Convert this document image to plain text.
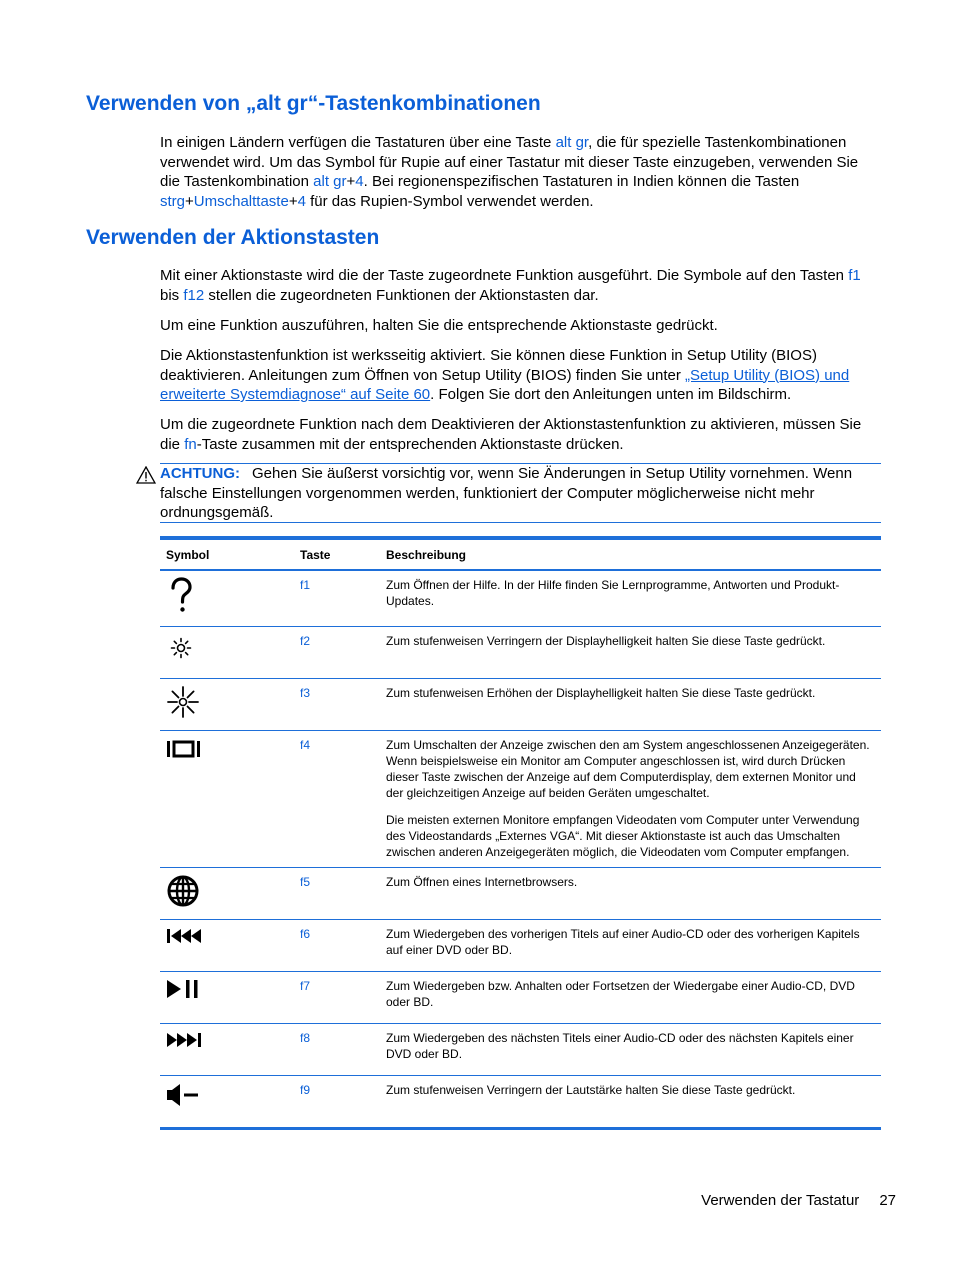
Verwenden von „alt gr“-Tastenkombinationen

In einigen Ländern verfügen die Tastaturen über eine Taste alt gr, die für spezielle Tastenkombinationen verwendet wird. Um das Symbol für Rupie auf einer Tastatur mit dieser Taste einzugeben, verwenden Sie die Tastenkombination alt gr+4. Bei regionenspezifischen Tastaturen in Indien können die Tasten strg+Umschalttaste+4 für das Rupien-Symbol verwendet werden.

Verwenden der Aktionstasten

Mit einer Aktionstaste wird die der Taste zugeordnete Funktion ausgeführt. Die Symbole auf den Tasten f1 bis f12 stellen die zugeordneten Funktionen der Aktionstasten dar.

Um eine Funktion auszuführen, halten Sie die entsprechende Aktionstaste gedrückt.

Die Aktionstastenfunktion ist werksseitig aktiviert. Sie können diese Funktion in Setup Utility (BIOS) deaktivieren. Anleitungen zum Öffnen von Setup Utility (BIOS) finden Sie unter „Setup Utility (BIOS) und erweiterte Systemdiagnose“ auf Seite 60. Folgen Sie dort den Anleitungen unten im Bildschirm.

Um die zugeordnete Funktion nach dem Deaktivieren der Aktionstastenfunktion zu aktivieren, müssen Sie die fn-Taste zusammen mit der entsprechenden Aktionstaste drücken.

ACHTUNG: Gehen Sie äußerst vorsichtig vor, wenn Sie Änderungen in Setup Utility vornehmen. Wenn falsche Einstellungen vorgenommen werden, funktioniert der Computer möglicherweise nicht mehr ordnungsgemäß.
Symbol	Taste	Beschreibung
	f1	Zum Öffnen der Hilfe. In der Hilfe finden Sie Lernprogramme, Antworten und Produkt-Updates.

	f2	Zum stufenweisen Verringern der Displayhelligkeit halten Sie diese Taste gedrückt.

	f3	Zum stufenweisen Erhöhen der Displayhelligkeit halten Sie diese Taste gedrückt.

	f4	Zum Umschalten der Anzeige zwischen den am System angeschlossenen Anzeigegeräten. Wenn beispielsweise ein Monitor am Computer angeschlossen ist, wird durch Drücken dieser Taste zwischen der Anzeige auf dem Computerdisplay, dem externen Monitor und der gleichzeitigen Anzeige auf beiden Geräten umgeschaltet.

Die meisten externen Monitore empfangen Videodaten vom Computer unter Verwendung des Videostandards „Externes VGA“. Mit dieser Aktionstaste ist auch das Umschalten zwischen anderen Anzeigegeräten möglich, die Videodaten vom Computer empfangen.

	f5	Zum Öffnen eines Internetbrowsers.

	f6	Zum Wiedergeben des vorherigen Titels auf einer Audio-CD oder des vorherigen Kapitels auf einer DVD oder BD.

	f7	Zum Wiedergeben bzw. Anhalten oder Fortsetzen der Wiedergabe einer Audio-CD, DVD oder BD.

	f8	Zum Wiedergeben des nächsten Titels einer Audio-CD oder des nächsten Kapitels einer DVD oder BD.

	f9	Zum stufenweisen Verringern der Lautstärke halten Sie diese Taste gedrückt.

Verwenden der Tastatur 27
